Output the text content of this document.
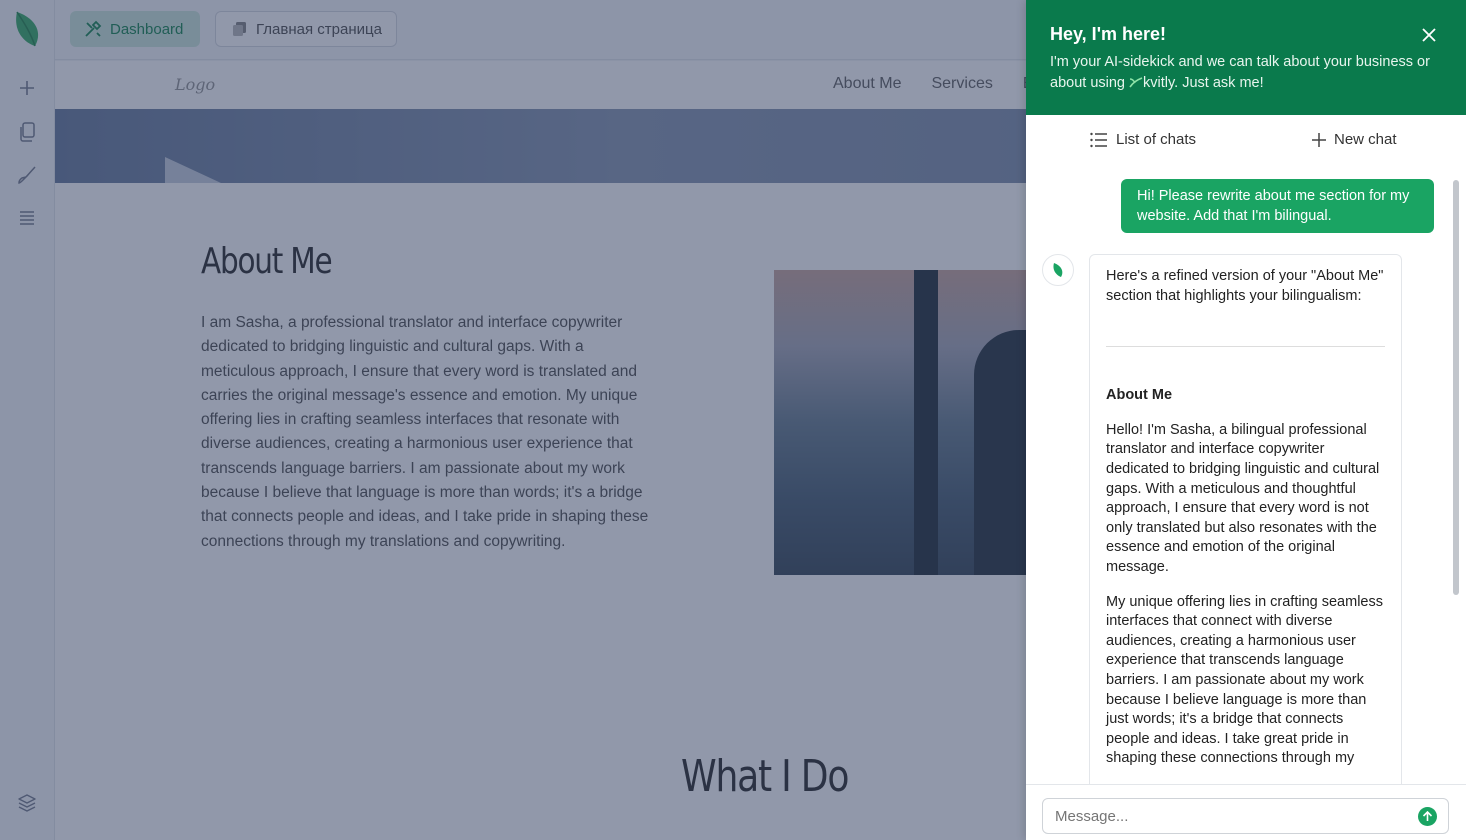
Hey, I'm here!
I'm your AI-sidekick and we can talk about your business or about using kvitly. Just ask me!
List of chats	New chat
Hi! Please rewrite about me section for my website. Add that I'm bilingual.

Here's a refined version of your "About Me" section that highlights your bilingualism:

About Me

Hello! I'm Sasha, a bilingual professional translator and interface copywriter dedicated to bridging linguistic and cultural gaps. With a meticulous and thoughtful approach, I ensure that every word is not only translated but also resonates with the essence and emotion of the original message.

My unique offering lies in crafting seamless interfaces that connect with diverse audiences, creating a harmonious user experience that transcends language barriers. I am passionate about my work because I believe language is more than just words; it's a bridge that connects people and ideas. I take great pride in shaping these connections through my

Message...
